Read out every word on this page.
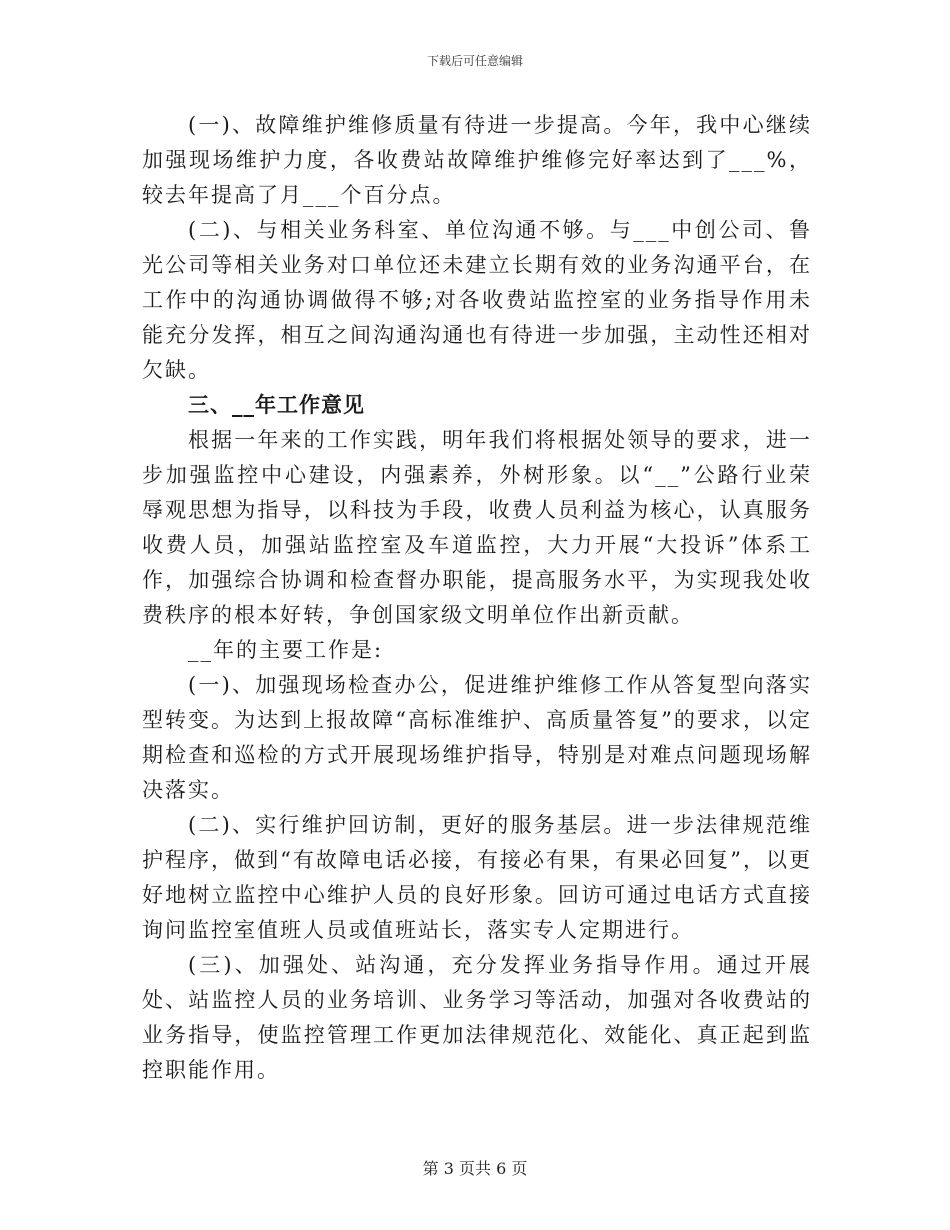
下载后可任意编辑

(一)、故障维护维修质量有待进一步提高。今年，我中心继续加强现场维护力度，各收费站故障维护维修完好率达到了___%，较去年提高了月___个百分点。

(二)、与相关业务科室、单位沟通不够。与___中创公司、鲁光公司等相关业务对口单位还未建立长期有效的业务沟通平台，在工作中的沟通协调做得不够;对各收费站监控室的业务指导作用未能充分发挥，相互之间沟通沟通也有待进一步加强，主动性还相对欠缺。

三、__年工作意见

根据一年来的工作实践，明年我们将根据处领导的要求，进一步加强监控中心建设，内强素养，外树形象。以“__”公路行业荣辱观思想为指导，以科技为手段，收费人员利益为核心，认真服务收费人员，加强站监控室及车道监控，大力开展“大投诉”体系工作，加强综合协调和检查督办职能，提高服务水平，为实现我处收费秩序的根本好转，争创国家级文明单位作出新贡献。

__年的主要工作是:

(一)、加强现场检查办公，促进维护维修工作从答复型向落实型转变。为达到上报故障“高标准维护、高质量答复”的要求，以定期检查和巡检的方式开展现场维护指导，特别是对难点问题现场解决落实。

(二)、实行维护回访制，更好的服务基层。进一步法律规范维护程序，做到“有故障电话必接，有接必有果，有果必回复”，以更好地树立监控中心维护人员的良好形象。回访可通过电话方式直接询问监控室值班人员或值班站长，落实专人定期进行。

(三)、加强处、站沟通，充分发挥业务指导作用。通过开展处、站监控人员的业务培训、业务学习等活动，加强对各收费站的业务指导，使监控管理工作更加法律规范化、效能化、真正起到监控职能作用。

第 3 页共 6 页
